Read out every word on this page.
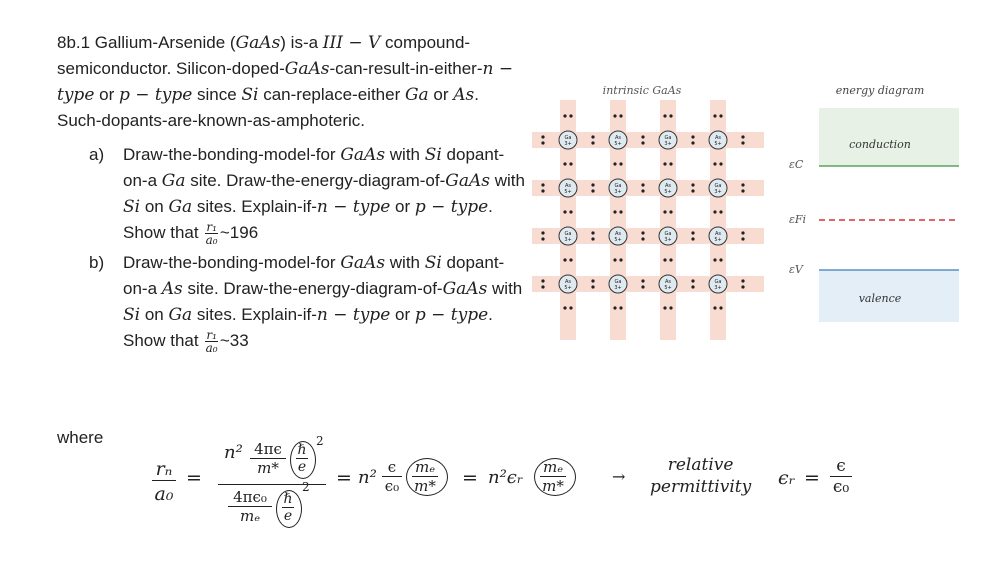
8b.1 Gallium-Arsenide (GaAs) is-a III − V compound-semiconductor. Silicon-doped-GaAs-can-result-in-either-n − type or p − type since Si can-replace-either Ga or As. Such-dopants-are-known-as-amphoteric.

a) Draw-the-bonding-model-for GaAs with Si dopant-on-a Ga site. Draw-the-energy-diagram-of-GaAs with Si on Ga sites. Explain-if-n − type or p − type. Show that $\frac{\text{r₁}}{\text{a₀}}$ ~196
b) Draw-the-bonding-model-for GaAs with Si dopant-on-a As site. Draw-the-energy-diagram-of-GaAs with Si on Ga sites. Explain-if-n − type or p − type. Show that $\frac{\text{r₁}}{\text{a₀}}$ ~33
where
$\frac{\text{rₙ}}{\text{a₀}}$ =
$n^2 \frac{4\pi\epsilon}{m*}$ ℏ
e
2
$\frac{\text{4πϵ₀}}{\text{mₑ}}$ ℏ
e
2 = n² ϵ
ϵ₀
mₑ
m* = n²ϵᵣ mₑ
m*	→
relative
permittivity ϵᵣ =
ϵ
ϵ₀
intrinsic GaAs
Ga
3+
As
5+
Ga
3+
As
5+
As
5+
Ga
3+
As
5+
Ga
3+
Ga
3+
As
5+
Ga
3+
As
5+
As
5+
Ga
3+
As
5+
Ga
3+
energy diagram
conduction
valence
εC
εFi
εV
